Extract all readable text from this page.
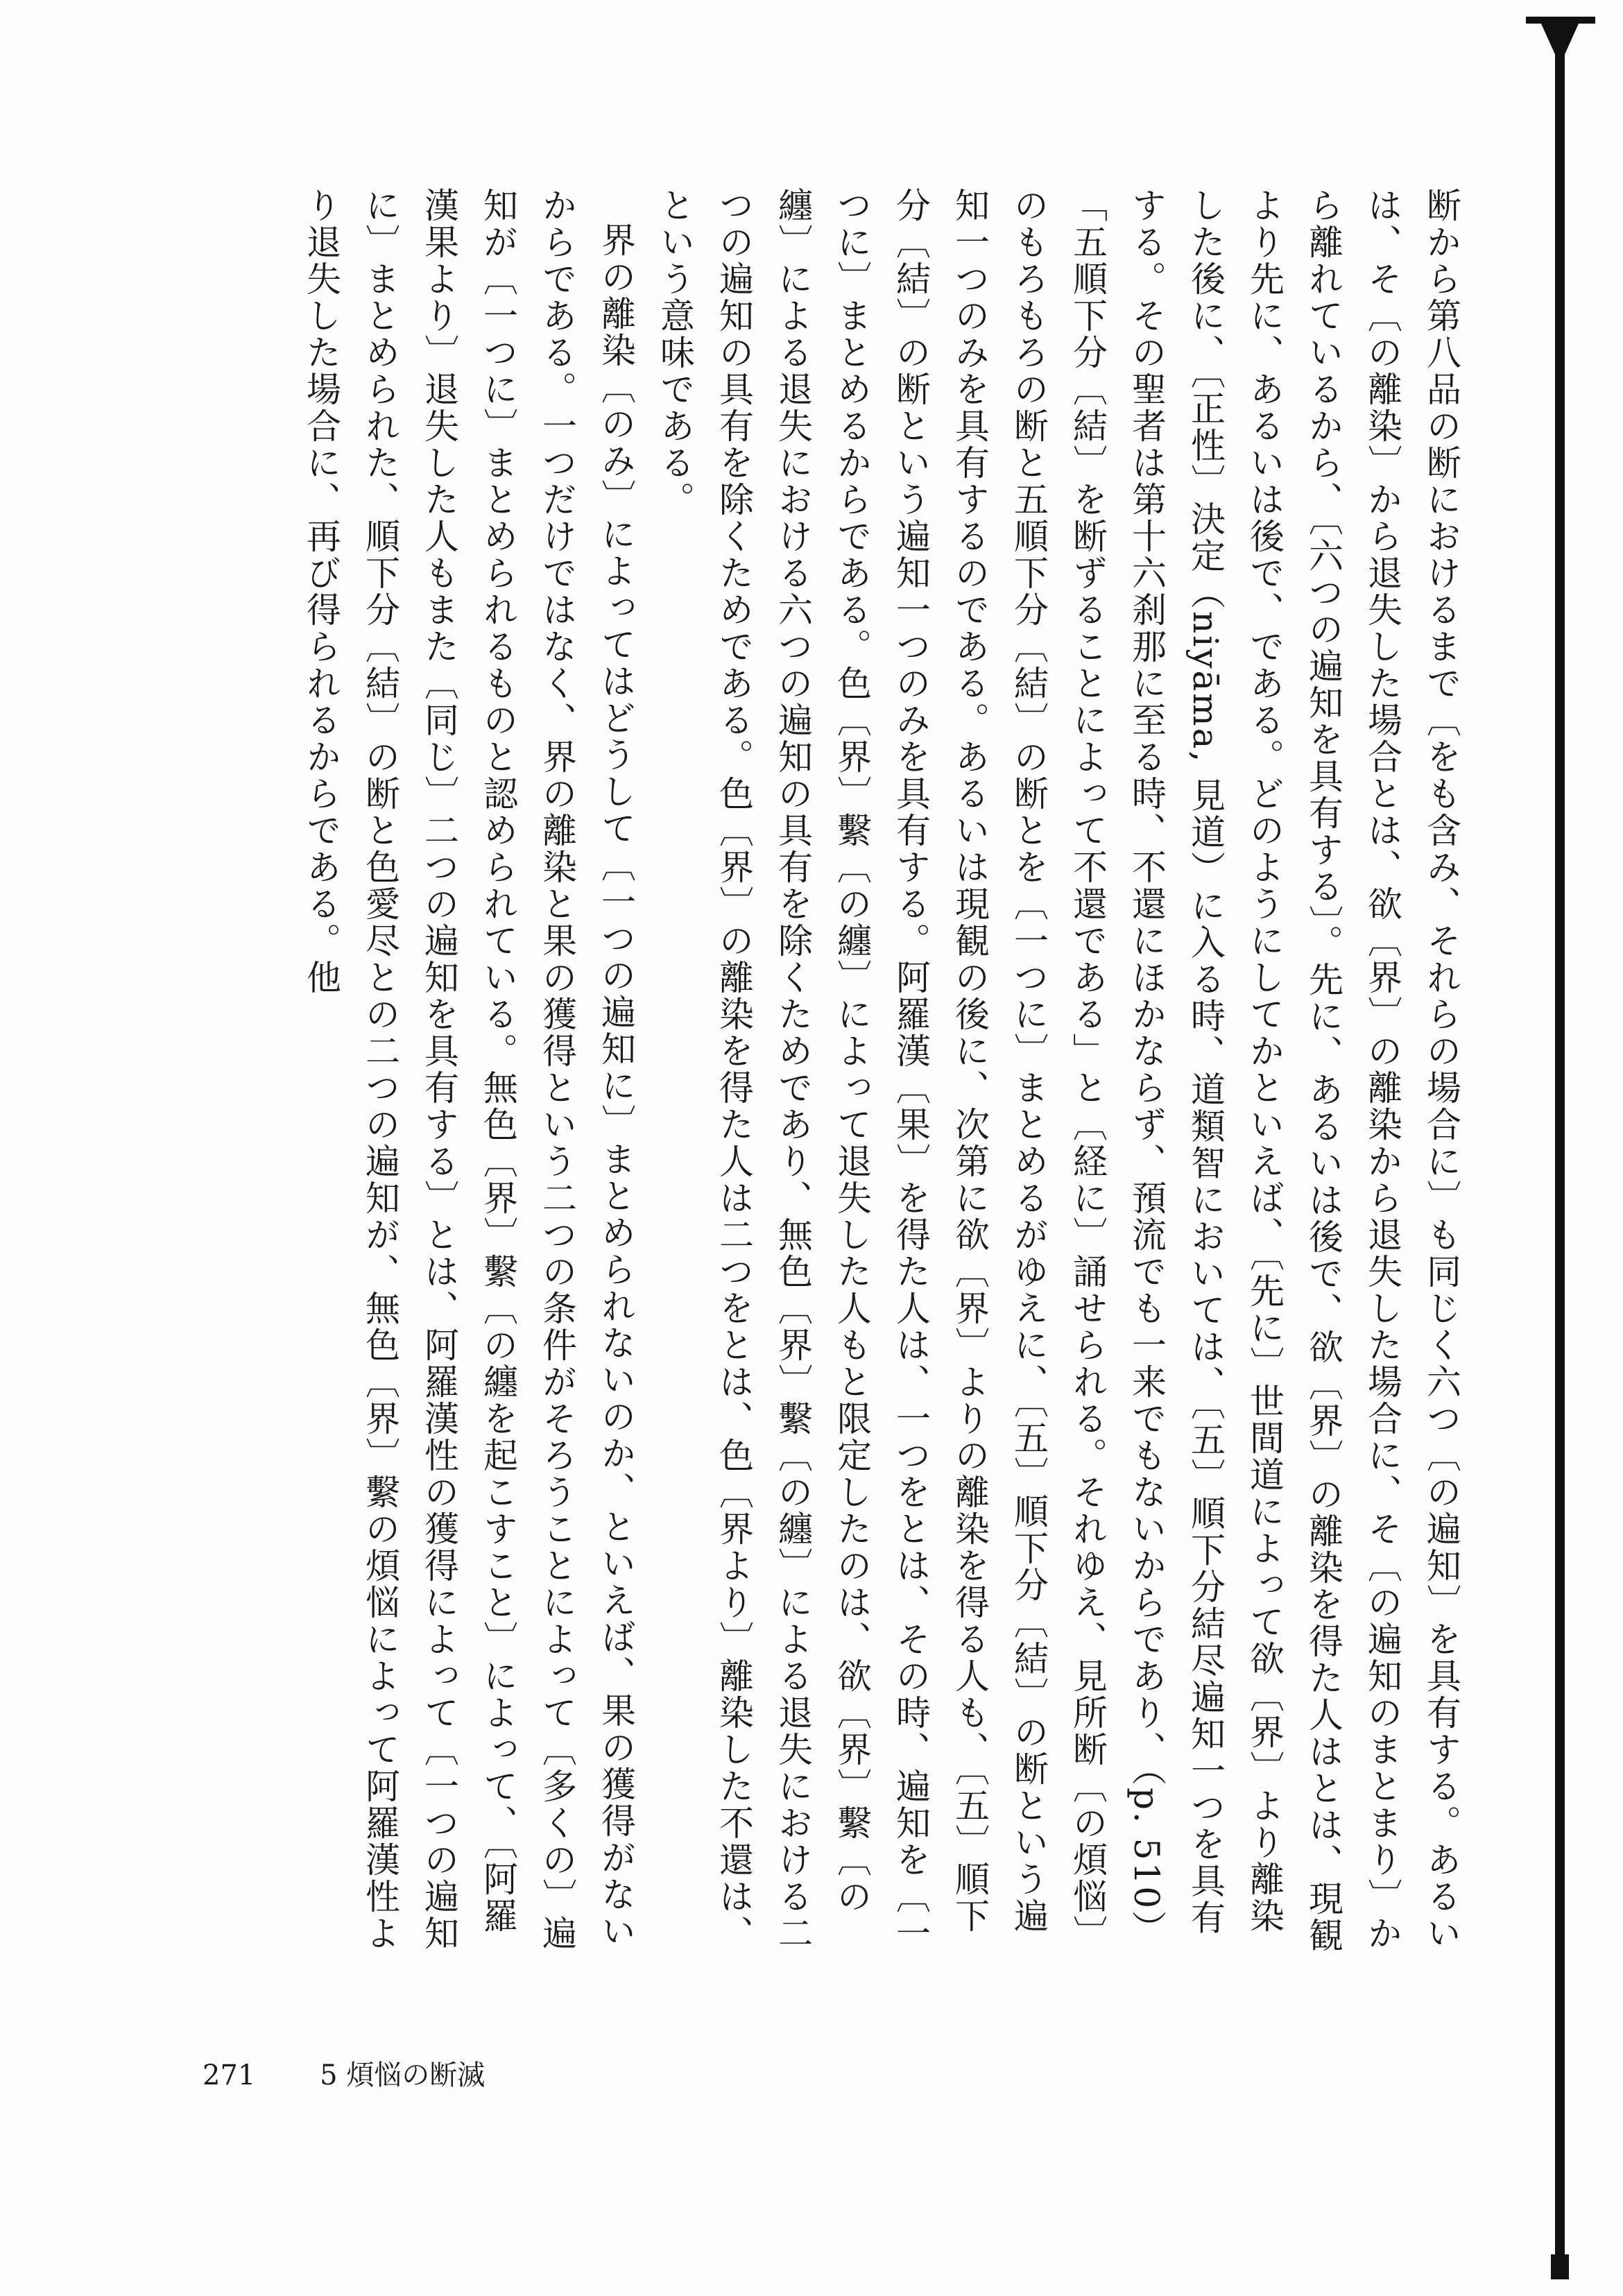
断から第八品の断におけるまで〔をも含み、それらの場合に〕も同じく六つ〔の遍知〕を具有する。あるいは、そ〔の離染〕から退失した場合とは、欲〔界〕の離染から退失した場合に、そ〔の遍知のまとまり〕から離れているから、〔六つの遍知を具有する〕。先に、あるいは後で、欲〔界〕の離染を得た人はとは、現観より先に、あるいは後で、である。どのようにしてかといえば、〔先に〕世間道によって欲〔界〕より離染した後に、〔正性〕決定（niyāma, 見道）に入る時、道類智においては、〔五〕順下分結尽遍知一つを具有する。その聖者は第十六刹那に至る時、不還にほかならず、預流でも一来でもないからであり、（p. 510）「五順下分〔結〕を断ずることによって不還である」と〔経に〕誦せられる。それゆえ、見所断〔の煩悩〕のもろもろの断と五順下分〔結〕の断とを〔一つに〕まとめるがゆえに、〔五〕順下分〔結〕の断という遍知一つのみを具有するのである。あるいは現観の後に、次第に欲〔界〕よりの離染を得る人も、〔五〕順下分〔結〕の断という遍知一つのみを具有する。阿羅漢〔果〕を得た人は、一つをとは、その時、遍知を〔一つに〕まとめるからである。色〔界〕繫〔の纏〕によって退失した人もと限定したのは、欲〔界〕繫〔の纏〕による退失における六つの遍知の具有を除くためであり、無色〔界〕繫〔の纏〕による退失における二つの遍知の具有を除くためである。色〔界〕の離染を得た人は二つをとは、色〔界より〕離染した不還は、という意味である。

界の離染〔のみ〕によってはどうして〔一つの遍知に〕まとめられないのか、といえば、果の獲得がないからである。一つだけではなく、界の離染と果の獲得という二つの条件がそろうことによって〔多くの〕遍知が〔一つに〕まとめられるものと認められている。無色〔界〕繫〔の纏を起こすこと〕によって、〔阿羅漢果より〕退失した人もまた〔同じ〕二つの遍知を具有する〕とは、阿羅漢性の獲得によって〔一つの遍知に〕まとめられた、順下分〔結〕の断と色愛尽との二つの遍知が、無色〔界〕繫の煩悩によって阿羅漢性より退失した場合に、再び得られるからである。他

271 5 煩悩の断滅
